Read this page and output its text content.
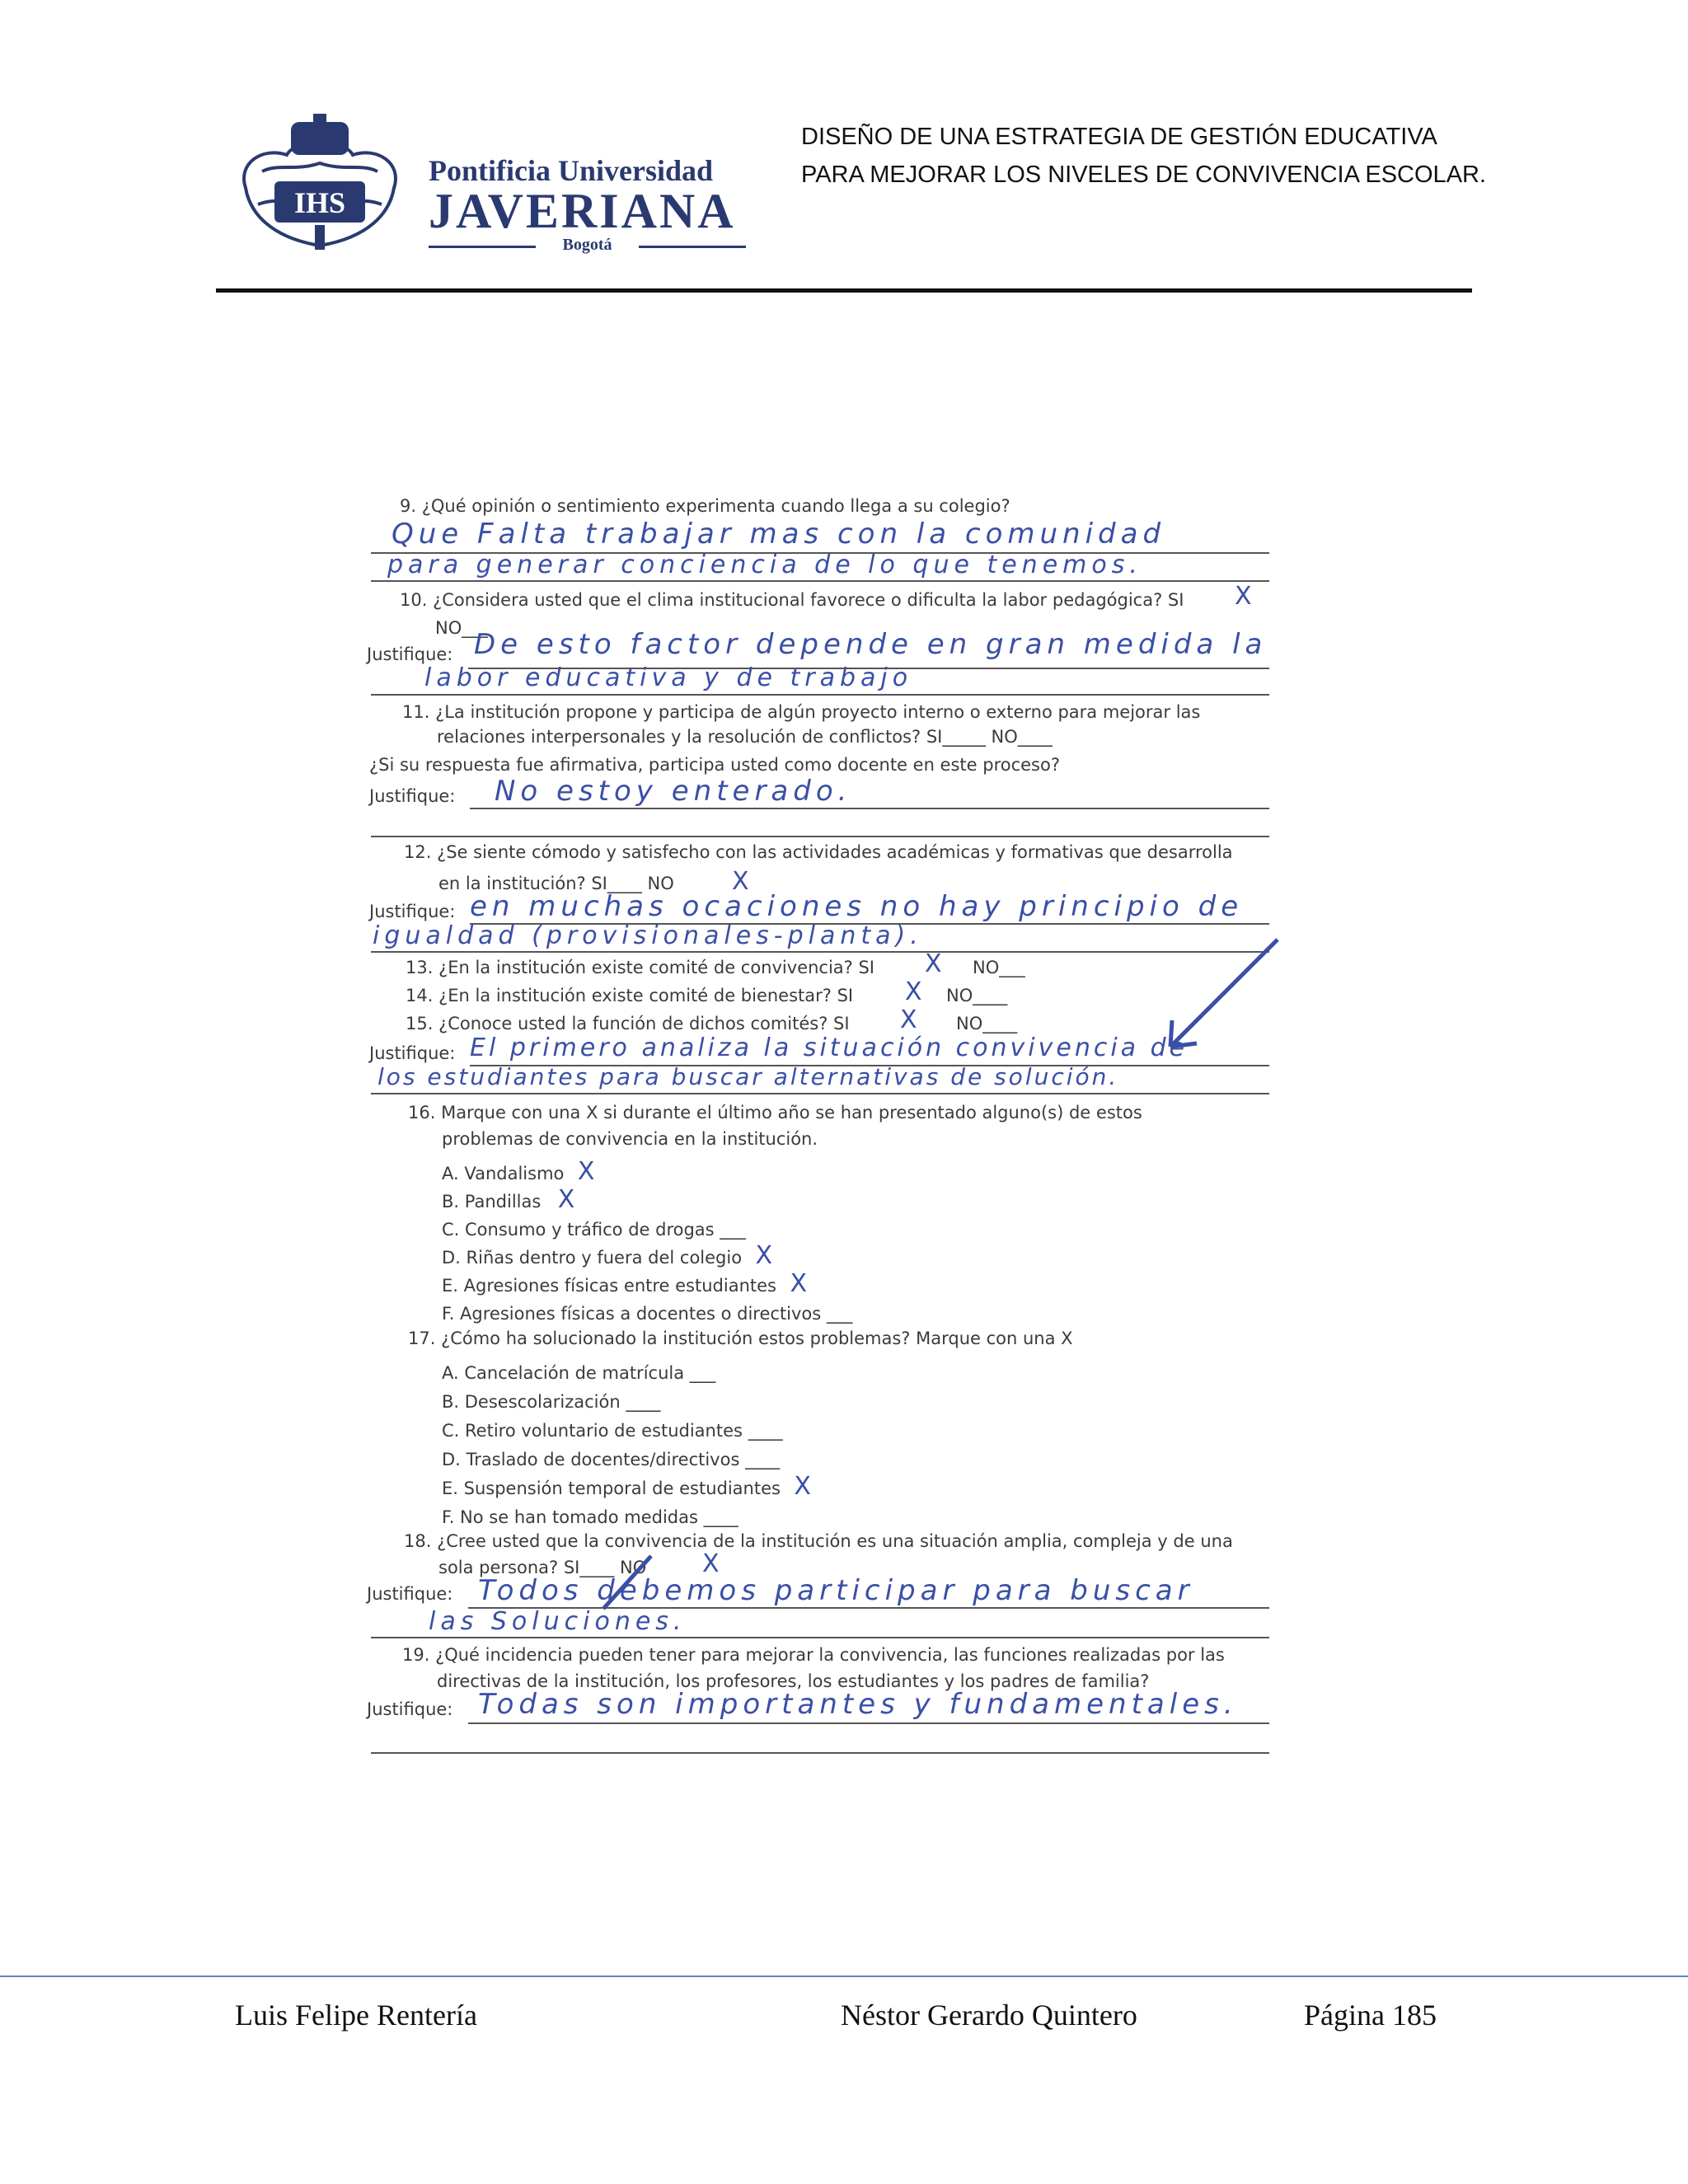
IHS
Pontificia Universidad
JAVERIANA
Bogotá
DISEÑO DE UNA ESTRATEGIA DE GESTIÓN EDUCATIVA
PARA MEJORAR LOS NIVELES DE CONVIVENCIA ESCOLAR.
9. ¿Qué opinión o sentimiento experimenta cuando llega a su colegio?
Que Falta trabajar mas con la comunidad
para generar conciencia de lo que tenemos.
10. ¿Considera usted que el clima institucional favorece o dificulta la labor pedagógica? SI X
NO___
Justifique: De esto factor depende en gran medida la
labor educativa y de trabajo
11. ¿La institución propone y participa de algún proyecto interno o externo para mejorar las
relaciones interpersonales y la resolución de conflictos? SI_____ NO____
¿Si su respuesta fue afirmativa, participa usted como docente en este proceso?
Justifique: No estoy enterado.
12. ¿Se siente cómodo y satisfecho con las actividades académicas y formativas que desarrolla
en la institución? SI____ NO X
Justifique: en muchas ocaciones no hay principio de
igualdad (provisionales-planta).
13. ¿En la institución existe comité de convivencia? SI X NO___
14. ¿En la institución existe comité de bienestar? SI X NO____
15. ¿Conoce usted la función de dichos comités? SI X NO____
Justifique: El primero analiza la situación convivencia de
los estudiantes para buscar alternativas de solución.
16. Marque con una X si durante el último año se han presentado alguno(s) de estos
problemas de convivencia en la institución.
A. Vandalismo X
B. Pandillas X
C. Consumo y tráfico de drogas ___
D. Riñas dentro y fuera del colegio X
E. Agresiones físicas entre estudiantes X
F. Agresiones físicas a docentes o directivos ___
17. ¿Cómo ha solucionado la institución estos problemas? Marque con una X
A. Cancelación de matrícula ___
B. Desescolarización ____
C. Retiro voluntario de estudiantes ____
D. Traslado de docentes/directivos ____
E. Suspensión temporal de estudiantes X
F. No se han tomado medidas ____
18. ¿Cree usted que la convivencia de la institución es una situación amplia, compleja y de una
sola persona? SI____ NO X
Justifique: Todos debemos participar para buscar
las Soluciones.
19. ¿Qué incidencia pueden tener para mejorar la convivencia, las funciones realizadas por las
directivas de la institución, los profesores, los estudiantes y los padres de familia?
Justifique: Todas son importantes y fundamentales.
Luis Felipe Rentería	Néstor Gerardo Quintero	Página 185
